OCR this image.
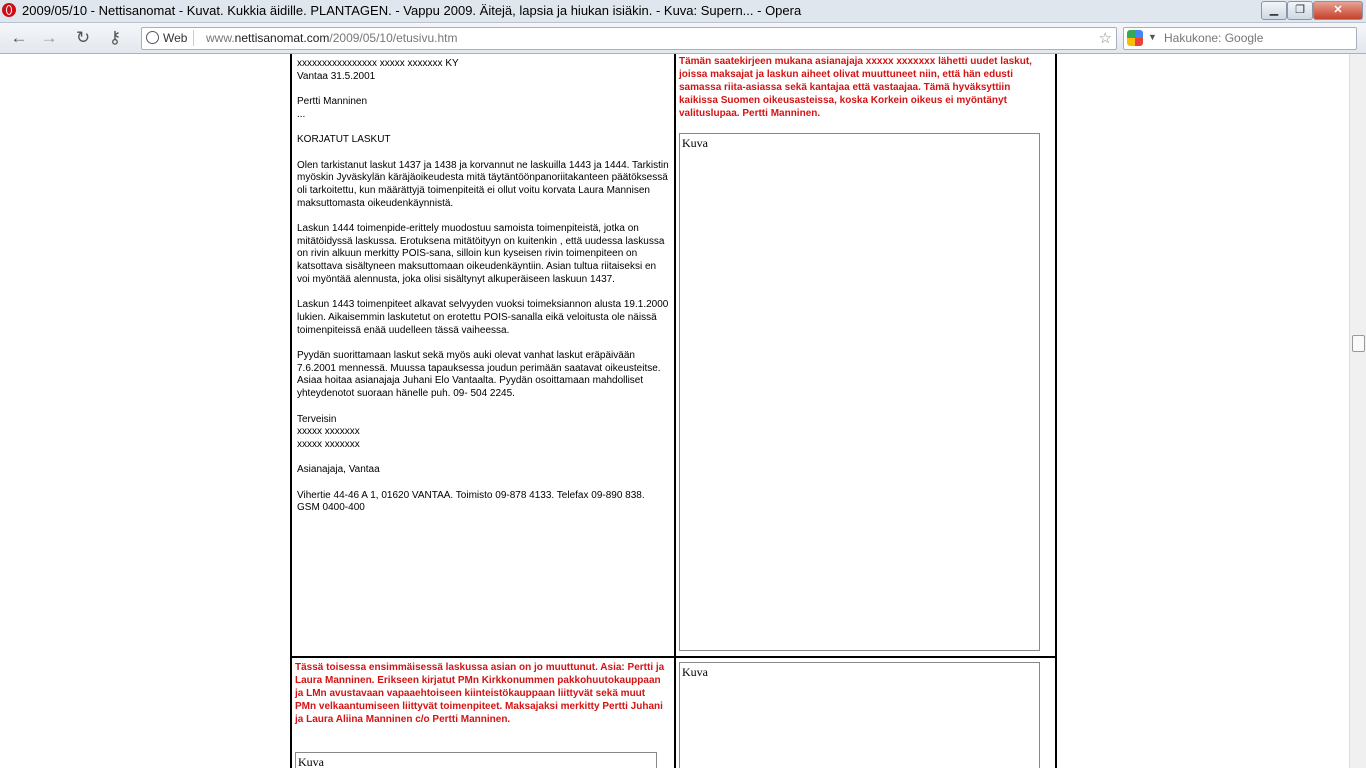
2009/05/10 - Nettisanomat - Kuvat. Kukkia äidille. PLANTAGEN. - Vappu 2009. Äitejä, lapsia ja hiukan isiäkin. - Kuva: Supern... - Opera	▁	❐	✕
← → ↻ ⚷	Web	www.nettisanomat.com/2009/05/10/etusivu.htm	☆	▼ Hakukone: Google
xxxxxxxxxxxxxxxx xxxxx xxxxxxx KY

Vantaa 31.5.2001

Pertti Manninen

...

KORJATUT LASKUT

Olen tarkistanut laskut 1437 ja 1438 ja korvannut ne laskuilla 1443 ja 1444. Tarkistin myöskin Jyväskylän käräjäoikeudesta mitä täytäntöönpanoriitakanteen päätöksessä oli tarkoitettu, kun määrättyjä toimenpiteitä ei ollut voitu korvata Laura Mannisen maksuttomasta oikeudenkäynnistä.

Laskun 1444 toimenpide-erittely muodostuu samoista toimenpiteistä, jotka on mitätöidyssä laskussa. Erotuksena mitätöityyn on kuitenkin , että uudessa laskussa on rivin alkuun merkitty POIS-sana, silloin kun kyseisen rivin toimenpiteen on katsottava sisältyneen maksuttomaan oikeudenkäyntiin. Asian tultua riitaiseksi en voi myöntää alennusta, joka olisi sisältynyt alkuperäiseen laskuun 1437.

Laskun 1443 toimenpiteet alkavat selvyyden vuoksi toimeksiannon alusta 19.1.2000 lukien. Aikaisemmin laskutetut on erotettu POIS-sanalla eikä veloitusta ole näissä toimenpiteissä enää uudelleen tässä vaiheessa.

Pyydän suorittamaan laskut sekä myös auki olevat vanhat laskut eräpäivään 7.6.2001 mennessä. Muussa tapauksessa joudun perimään saatavat oikeusteitse. Asiaa hoitaa asianajaja Juhani Elo Vantaalta. Pyydän osoittamaan mahdolliset yhteydenotot suoraan hänelle puh. 09- 504 2245.

Terveisin
xxxxx xxxxxxx

xxxxx xxxxxxx

Asianajaja, Vantaa

Vihertie 44-46 A 1, 01620 VANTAA. Toimisto 09-878 4133. Telefax 09-890 838. GSM 0400-400

Tämän saatekirjeen mukana asianajaja xxxxx xxxxxxx lähetti uudet laskut, joissa maksajat ja laskun aiheet olivat muuttuneet niin, että hän edusti samassa riita-asiassa sekä kantajaa että vastaajaa. Tämä hyväksyttiin kaikissa Suomen oikeusasteissa, koska Korkein oikeus ei myöntänyt valituslupaa. Pertti Manninen.
Kuva
Tässä toisessa ensimmäisessä laskussa asian on jo muuttunut. Asia: Pertti ja Laura Manninen. Erikseen kirjatut PMn Kirkkonummen pakkohuutokauppaan ja LMn avustavaan vapaaehtoiseen kiinteistökauppaan liittyvät sekä muut PMn velkaantumiseen liittyvät toimenpiteet. Maksajaksi merkitty Pertti Juhani ja Laura Aliina Manninen c/o Pertti Manninen.
Kuva
Kuva
